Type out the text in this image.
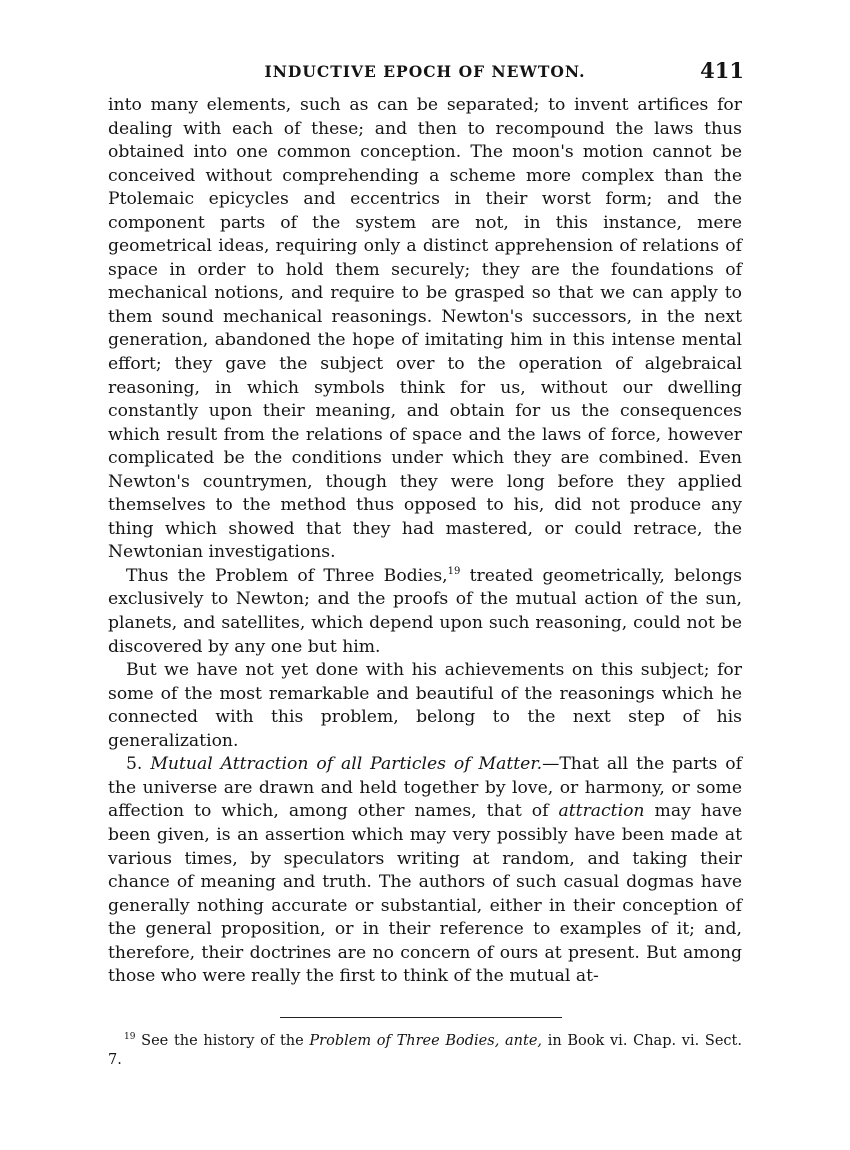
INDUCTIVE EPOCH OF NEWTON.	411

into many elements, such as can be separated; to invent artifices for dealing with each of these; and then to recompound the laws thus obtained into one common conception. The moon's motion cannot be conceived without comprehending a scheme more complex than the Ptolemaic epicycles and eccentrics in their worst form; and the component parts of the system are not, in this instance, mere geometrical ideas, requiring only a distinct apprehension of relations of space in order to hold them securely; they are the foundations of mechanical notions, and require to be grasped so that we can apply to them sound mechanical reasonings. Newton's successors, in the next generation, abandoned the hope of imitating him in this intense mental effort; they gave the subject over to the operation of algebraical reasoning, in which symbols think for us, without our dwelling constantly upon their meaning, and obtain for us the consequences which result from the relations of space and the laws of force, however complicated be the conditions under which they are combined. Even Newton's countrymen, though they were long before they applied themselves to the method thus opposed to his, did not produce any thing which showed that they had mastered, or could retrace, the Newtonian investigations.

Thus the Problem of Three Bodies,$^{19}$ treated geometrically, belongs exclusively to Newton; and the proofs of the mutual action of the sun, planets, and satellites, which depend upon such reasoning, could not be discovered by any one but him.

But we have not yet done with his achievements on this subject; for some of the most remarkable and beautiful of the reasonings which he connected with this problem, belong to the next step of his generalization.

5. Mutual Attraction of all Particles of Matter.—That all the parts of the universe are drawn and held together by love, or harmony, or some affection to which, among other names, that of attraction may have been given, is an assertion which may very possibly have been made at various times, by speculators writing at random, and taking their chance of meaning and truth. The authors of such casual dogmas have generally nothing accurate or substantial, either in their conception of the general proposition, or in their reference to examples of it; and, therefore, their doctrines are no concern of ours at present. But among those who were really the first to think of the mutual at-

$^{19}$ See the history of the Problem of Three Bodies, ante, in Book vi. Chap. vi. Sect. 7.
